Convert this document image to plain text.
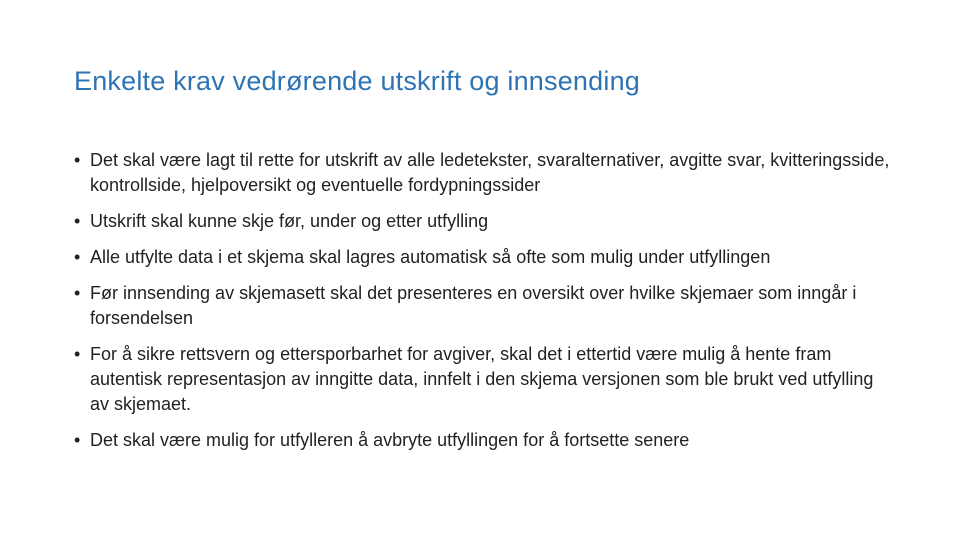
Enkelte krav vedrørende utskrift og innsending
• Det skal være lagt til rette for utskrift av alle ledetekster, svaralternativer, avgitte svar, kvitteringsside, kontrollside, hjelpoversikt og eventuelle fordypningssider
• Utskrift skal kunne skje før, under og etter utfylling
• Alle utfylte data i et skjema skal lagres automatisk så ofte som mulig under utfyllingen
• Før innsending av skjemasett skal det presenteres en oversikt over hvilke skjemaer som inngår i forsendelsen
• For å sikre rettsvern og ettersporbarhet for avgiver, skal det i ettertid være mulig å hente fram autentisk representasjon av inngitte data, innfelt i den skjema versjonen som ble brukt ved utfylling av skjemaet.
• Det skal være mulig for utfylleren å avbryte utfyllingen for å fortsette senere
